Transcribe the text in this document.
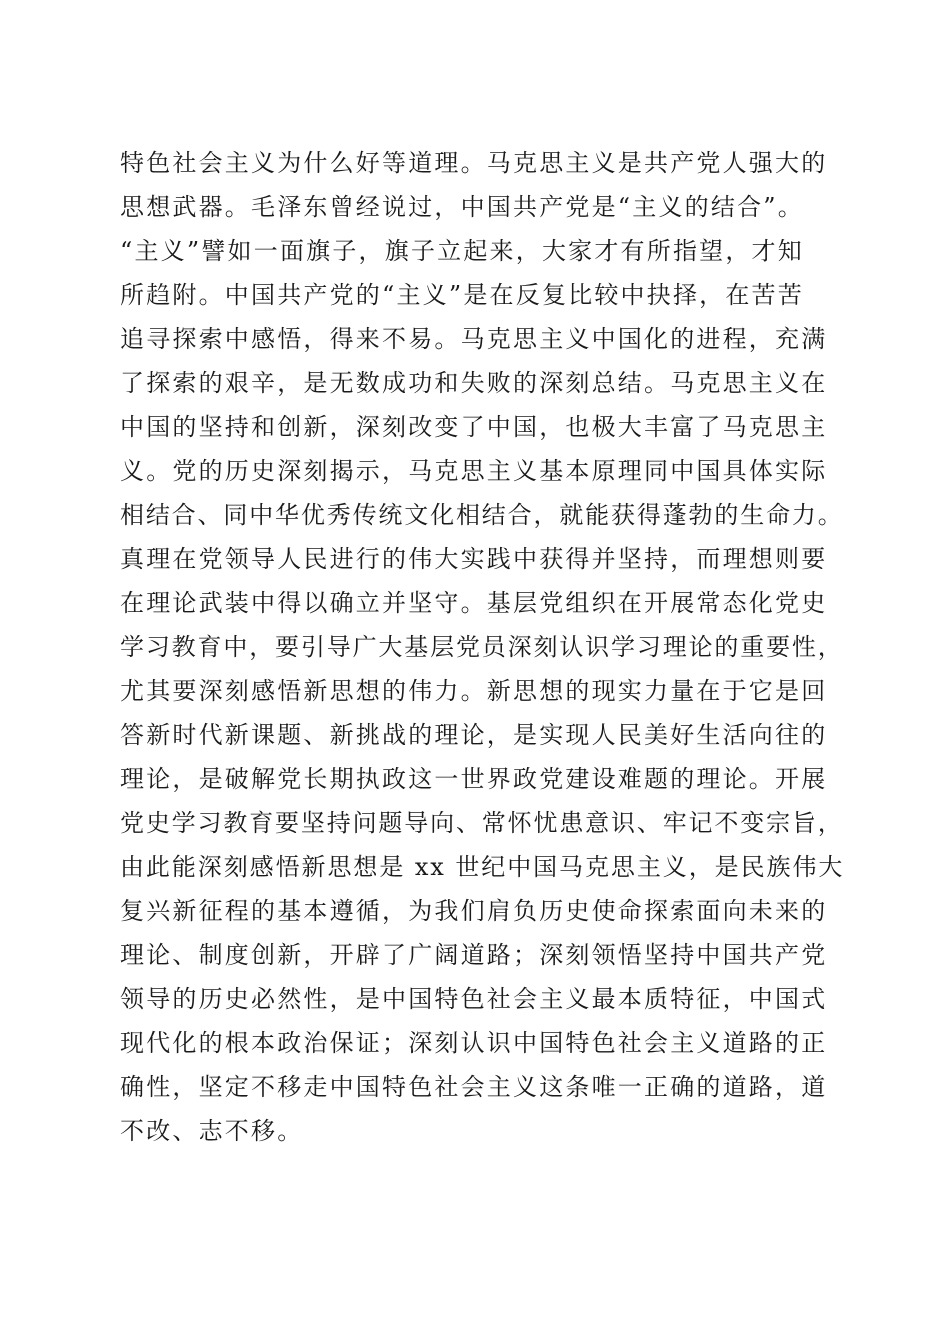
特色社会主义为什么好等道理。马克思主义是共产党人强大的
思想武器。毛泽东曾经说过，中国共产党是“主义的结合”。
“主义”譬如一面旗子，旗子立起来，大家才有所指望，才知
所趋附。中国共产党的“主义”是在反复比较中抉择，在苦苦
追寻探索中感悟，得来不易。马克思主义中国化的进程，充满
了探索的艰辛，是无数成功和失败的深刻总结。马克思主义在
中国的坚持和创新，深刻改变了中国，也极大丰富了马克思主
义。党的历史深刻揭示，马克思主义基本原理同中国具体实际
相结合、同中华优秀传统文化相结合，就能获得蓬勃的生命力。
真理在党领导人民进行的伟大实践中获得并坚持，而理想则要
在理论武装中得以确立并坚守。基层党组织在开展常态化党史
学习教育中，要引导广大基层党员深刻认识学习理论的重要性，
尤其要深刻感悟新思想的伟力。新思想的现实力量在于它是回
答新时代新课题、新挑战的理论，是实现人民美好生活向往的
理论，是破解党长期执政这一世界政党建设难题的理论。开展
党史学习教育要坚持问题导向、常怀忧患意识、牢记不变宗旨，
由此能深刻感悟新思想是 xx 世纪中国马克思主义，是民族伟大
复兴新征程的基本遵循，为我们肩负历史使命探索面向未来的
理论、制度创新，开辟了广阔道路；深刻领悟坚持中国共产党
领导的历史必然性，是中国特色社会主义最本质特征，中国式
现代化的根本政治保证；深刻认识中国特色社会主义道路的正
确性，坚定不移走中国特色社会主义这条唯一正确的道路，道
不改、志不移。
